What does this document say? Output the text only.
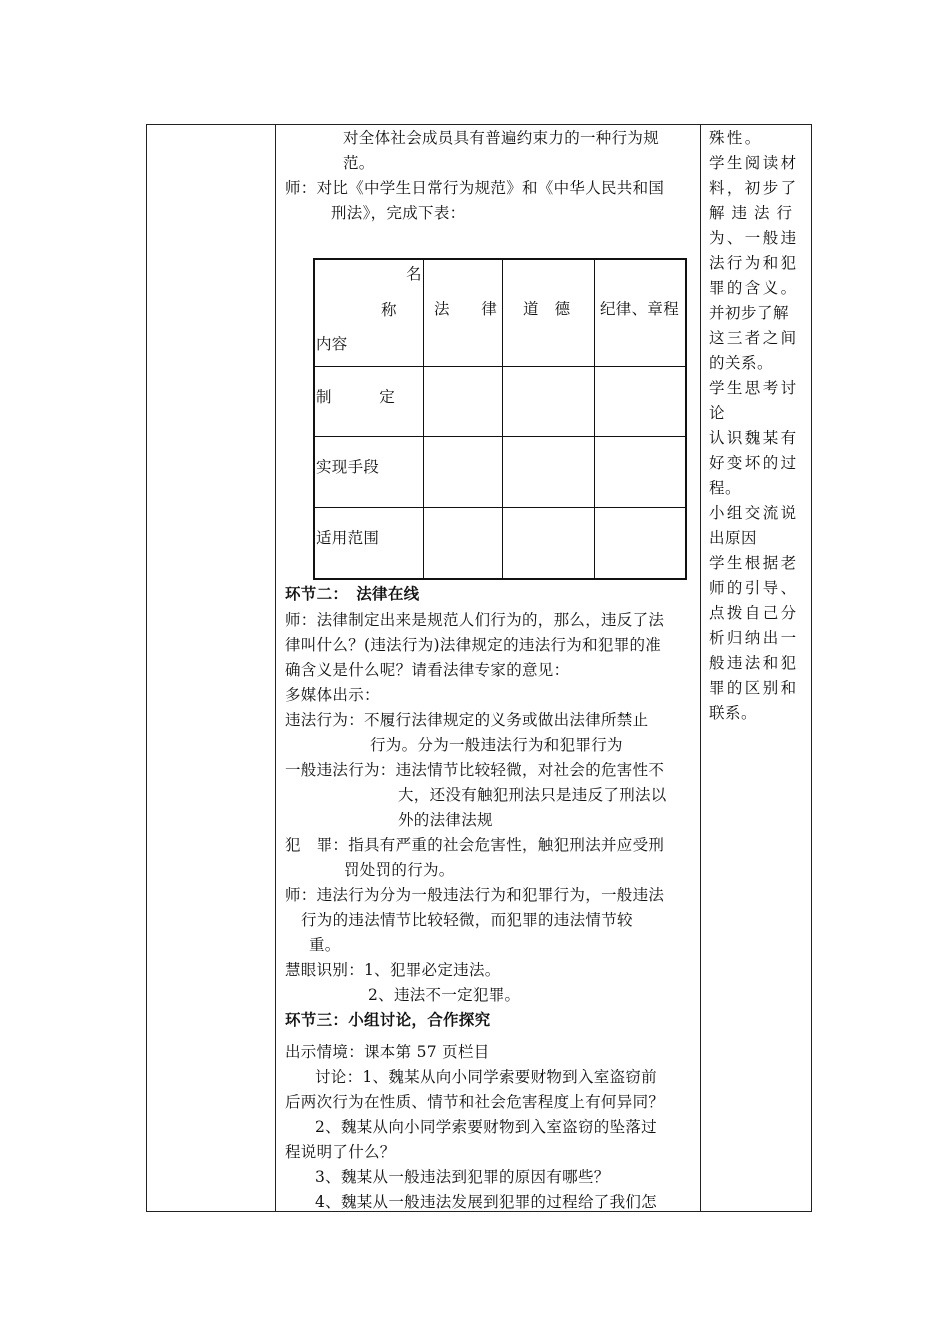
对全体社会成员具有普遍约束力的一种行为规
范。
师：对比《中学生日常行为规范》和《中华人民共和国
刑法》，完成下表：
名
称
内容
法　　律 道　德 纪律、章程
制　　　定
实现手段
适用范围
环节二：　法律在线
师：法律制定出来是规范人们行为的，那么，违反了法
律叫什么？(违法行为)法律规定的违法行为和犯罪的准
确含义是什么呢？请看法律专家的意见：
多媒体出示：
违法行为：不履行法律规定的义务或做出法律所禁止
行为。分为一般违法行为和犯罪行为
一般违法行为：违法情节比较轻微，对社会的危害性不
大，还没有触犯刑法只是违反了刑法以
外的法律法规
犯　罪：指具有严重的社会危害性，触犯刑法并应受刑
罚处罚的行为。
师：违法行为分为一般违法行为和犯罪行为，一般违法
行为的违法情节比较轻微，而犯罪的违法情节较
重。
慧眼识别：1、犯罪必定违法。
2、违法不一定犯罪。
环节三：小组讨论，合作探究
出示情境：课本第 57 页栏目
讨论：1、魏某从向小同学索要财物到入室盗窃前
后两次行为在性质、情节和社会危害程度上有何异同？
2、魏某从向小同学索要财物到入室盗窃的坠落过
程说明了什么？
3、魏某从一般违法到犯罪的原因有哪些？
4、魏某从一般违法发展到犯罪的过程给了我们怎
殊性。
学生阅读材
料，初步了
解违法行
为、一般违
法行为和犯
罪的含义。
并初步了解
这三者之间
的关系。
学生思考讨
论
认识魏某有
好变坏的过
程。
小组交流说
出原因
学生根据老
师的引导、
点拨自己分
析归纳出一
般违法和犯
罪的区别和
联系。
